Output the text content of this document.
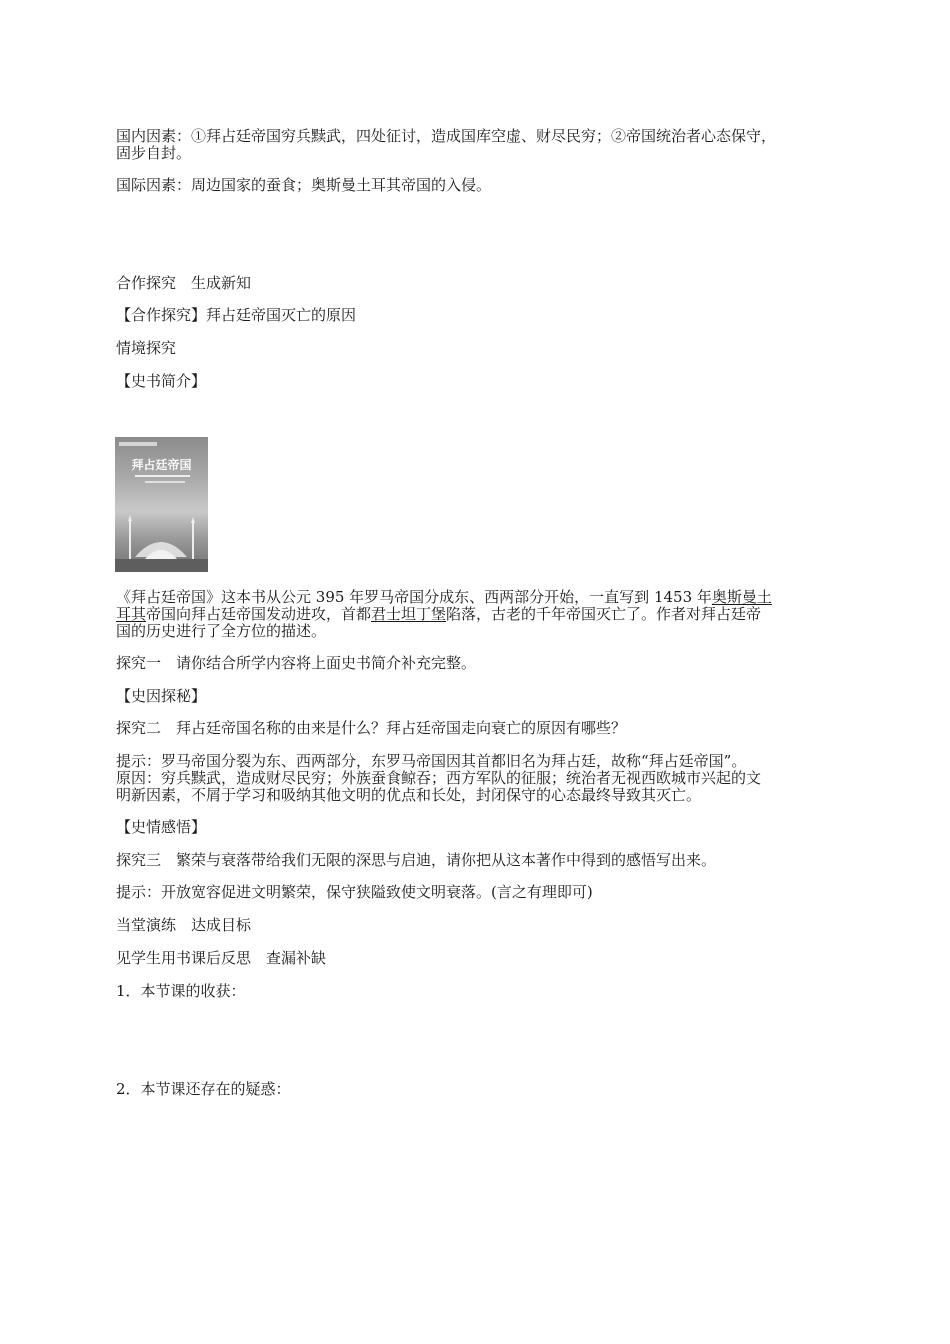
国内因素：①拜占廷帝国穷兵黩武，四处征讨，造成国库空虚、财尽民穷；②帝国统治者心态保守，

固步自封。

国际因素：周边国家的蚕食；奥斯曼土耳其帝国的入侵。

合作探究　生成新知

【合作探究】拜占廷帝国灭亡的原因

情境探究

【史书简介】

拜占廷帝国

《拜占廷帝国》这本书从公元 395 年罗马帝国分成东、西两部分开始，一直写到 1453 年奥斯曼土

耳其帝国向拜占廷帝国发动进攻，首都君士坦丁堡陷落，古老的千年帝国灭亡了。作者对拜占廷帝

国的历史进行了全方位的描述。

探究一　请你结合所学内容将上面史书简介补充完整。

【史因探秘】

探究二　拜占廷帝国名称的由来是什么？拜占廷帝国走向衰亡的原因有哪些？

提示：罗马帝国分裂为东、西两部分，东罗马帝国因其首都旧名为拜占廷，故称“拜占廷帝国”。

原因：穷兵黩武，造成财尽民穷；外族蚕食鲸吞；西方军队的征服；统治者无视西欧城市兴起的文

明新因素，不屑于学习和吸纳其他文明的优点和长处，封闭保守的心态最终导致其灭亡。

【史情感悟】

探究三　繁荣与衰落带给我们无限的深思与启迪，请你把从这本著作中得到的感悟写出来。

提示：开放宽容促进文明繁荣，保守狭隘致使文明衰落。(言之有理即可)

当堂演练　达成目标

见学生用书课后反思　查漏补缺

1．本节课的收获：

2．本节课还存在的疑惑：
